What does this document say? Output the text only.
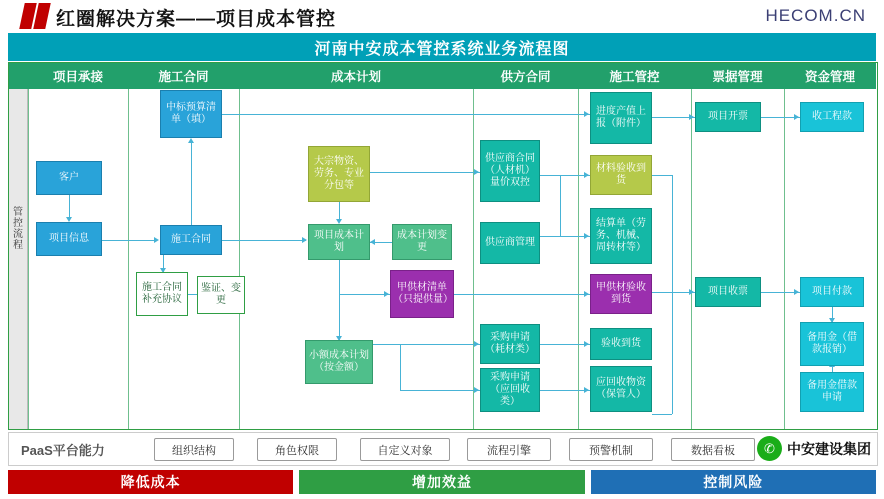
红圈解决方案——项目成本管控	HECOM.CN
河南中安成本管控系统业务流程图
管控流程
项目承接	施工合同	成本计划	供方合同	施工管控	票据管理	资金管理
客户
项目信息
中标预算清单（填）
施工合同
施工合同补充协议
鉴证、变更
大宗物资、劳务、专业分包等
项目成本计划
成本计划变更
甲供材清单（只提供量）
小额成本计划（按金额）
采购申请（耗材类）
采购申请（应回收类）
供应商合同（人材机）量价双控
供应商管理
进度产值上报（附件）
材料验收到货
结算单（劳务、机械、周转材等）
甲供材验收到货
验收到货
应回收物资（保管人）
项目开票
项目收票
收工程款
项目付款
备用金（借款报销）
备用金借款申请
PaaS平台能力	组织结构	角色权限	自定义对象	流程引擎	预警机制	数据看板	✆ 中安建设集团
降低成本	增加效益	控制风险
